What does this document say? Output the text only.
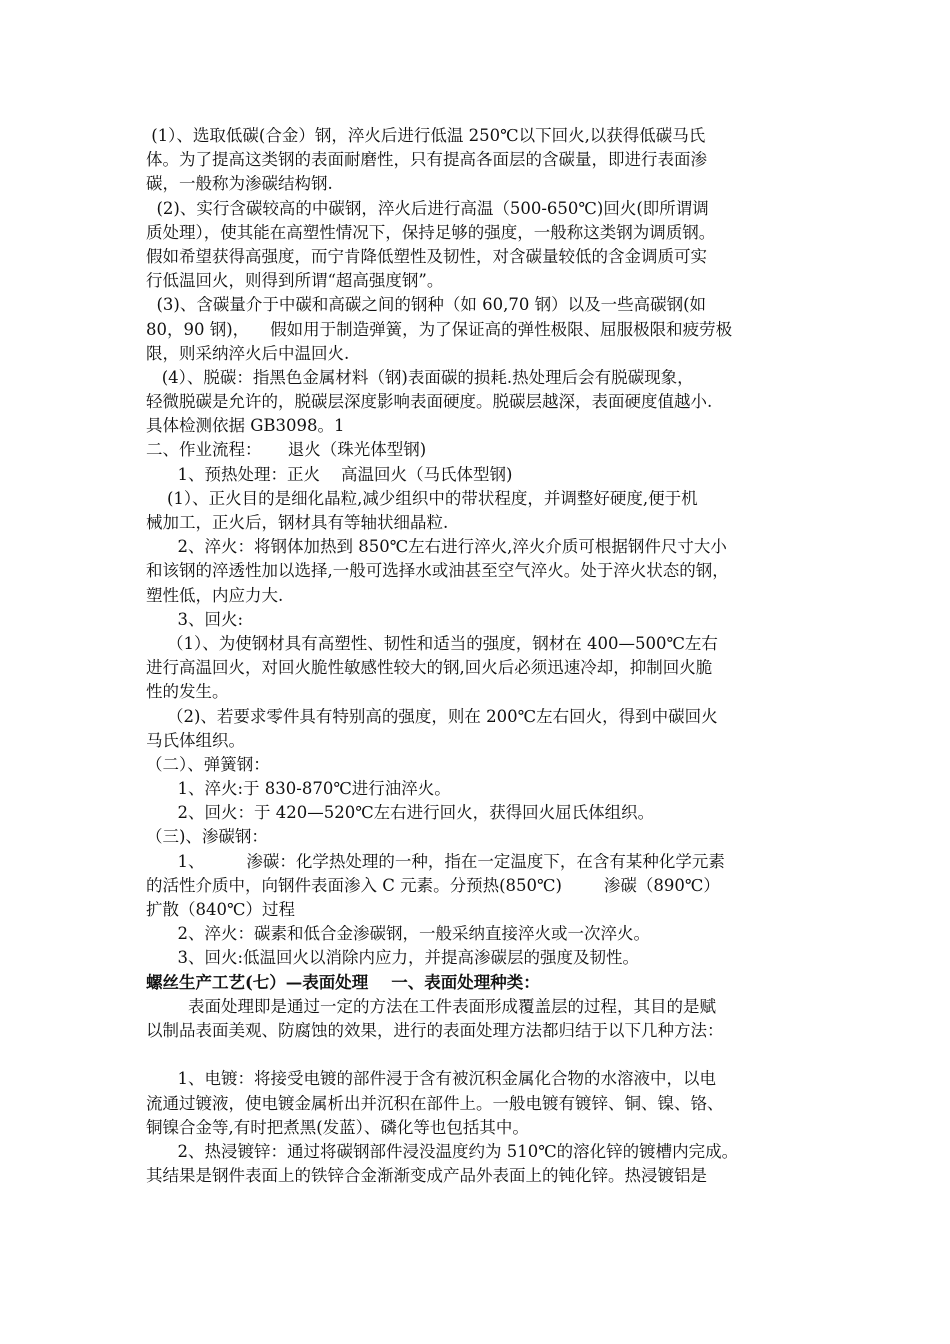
(1）、选取低碳(合金）钢，淬火后进行低温 250℃以下回火,以获得低碳马氏
体。为了提高这类钢的表面耐磨性，只有提高各面层的含碳量，即进行表面渗
碳，一般称为渗碳结构钢.
(2)、实行含碳较高的中碳钢，淬火后进行高温（500-650℃)回火(即所谓调
质处理），使其能在高塑性情况下，保持足够的强度，一般称这类钢为调质钢。
假如希望获得高强度，而宁肯降低塑性及韧性，对含碳量较低的含金调质可实
行低温回火，则得到所谓“超高强度钢”。
(3)、含碳量介于中碳和高碳之间的钢种（如 60,70 钢）以及一些高碳钢(如
80，90 钢)，    假如用于制造弹簧，为了保证高的弹性极限、屈服极限和疲劳极
限，则采纳淬火后中温回火.
(4）、脱碳：指黑色金属材料（钢)表面碳的损耗.热处理后会有脱碳现象，
轻微脱碳是允许的，脱碳层深度影响表面硬度。脱碳层越深，表面硬度值越小.
具体检测依据 GB3098。1
二、作业流程：     退火（珠光体型钢)
1、预热处理：正火    高温回火（马氏体型钢)
(1）、正火目的是细化晶粒,减少组织中的带状程度，并调整好硬度,便于机
械加工，正火后，钢材具有等轴状细晶粒.
2、淬火：将钢体加热到 850℃左右进行淬火,淬火介质可根据钢件尺寸大小
和该钢的淬透性加以选择,一般可选择水或油甚至空气淬火。处于淬火状态的钢，
塑性低，内应力大.
3、回火:
（1）、为使钢材具有高塑性、韧性和适当的强度，钢材在 400—500℃左右
进行高温回火，对回火脆性敏感性较大的钢,回火后必须迅速冷却，抑制回火脆
性的发生。
（2)、若要求零件具有特别高的强度，则在 200℃左右回火，得到中碳回火
马氏体组织。
（二）、弹簧钢：
1、淬火:于 830-870℃进行油淬火。
2、回火：于 420—520℃左右进行回火，获得回火屈氏体组织。
（三)、渗碳钢：
1、        渗碳：化学热处理的一种，指在一定温度下，在含有某种化学元素
的活性介质中，向钢件表面渗入 C 元素。分预热(850℃)        渗碳（890℃）
扩散（840℃）过程
2、淬火：碳素和低合金渗碳钢，一般采纳直接淬火或一次淬火。
3、回火:低温回火以消除内应力，并提高渗碳层的强度及韧性。
螺丝生产工艺(七）—表面处理    一、表面处理种类：
表面处理即是通过一定的方法在工件表面形成覆盖层的过程，其目的是赋
以制品表面美观、防腐蚀的效果，进行的表面处理方法都归结于以下几种方法：
1、电镀：将接受电镀的部件浸于含有被沉积金属化合物的水溶液中，以电
流通过镀液，使电镀金属析出并沉积在部件上。一般电镀有镀锌、铜、镍、铬、
铜镍合金等,有时把煮黑(发蓝）、磷化等也包括其中。
2、热浸镀锌：通过将碳钢部件浸没温度约为 510℃的溶化锌的镀槽内完成。
其结果是钢件表面上的铁锌合金渐渐变成产品外表面上的钝化锌。热浸镀铝是
